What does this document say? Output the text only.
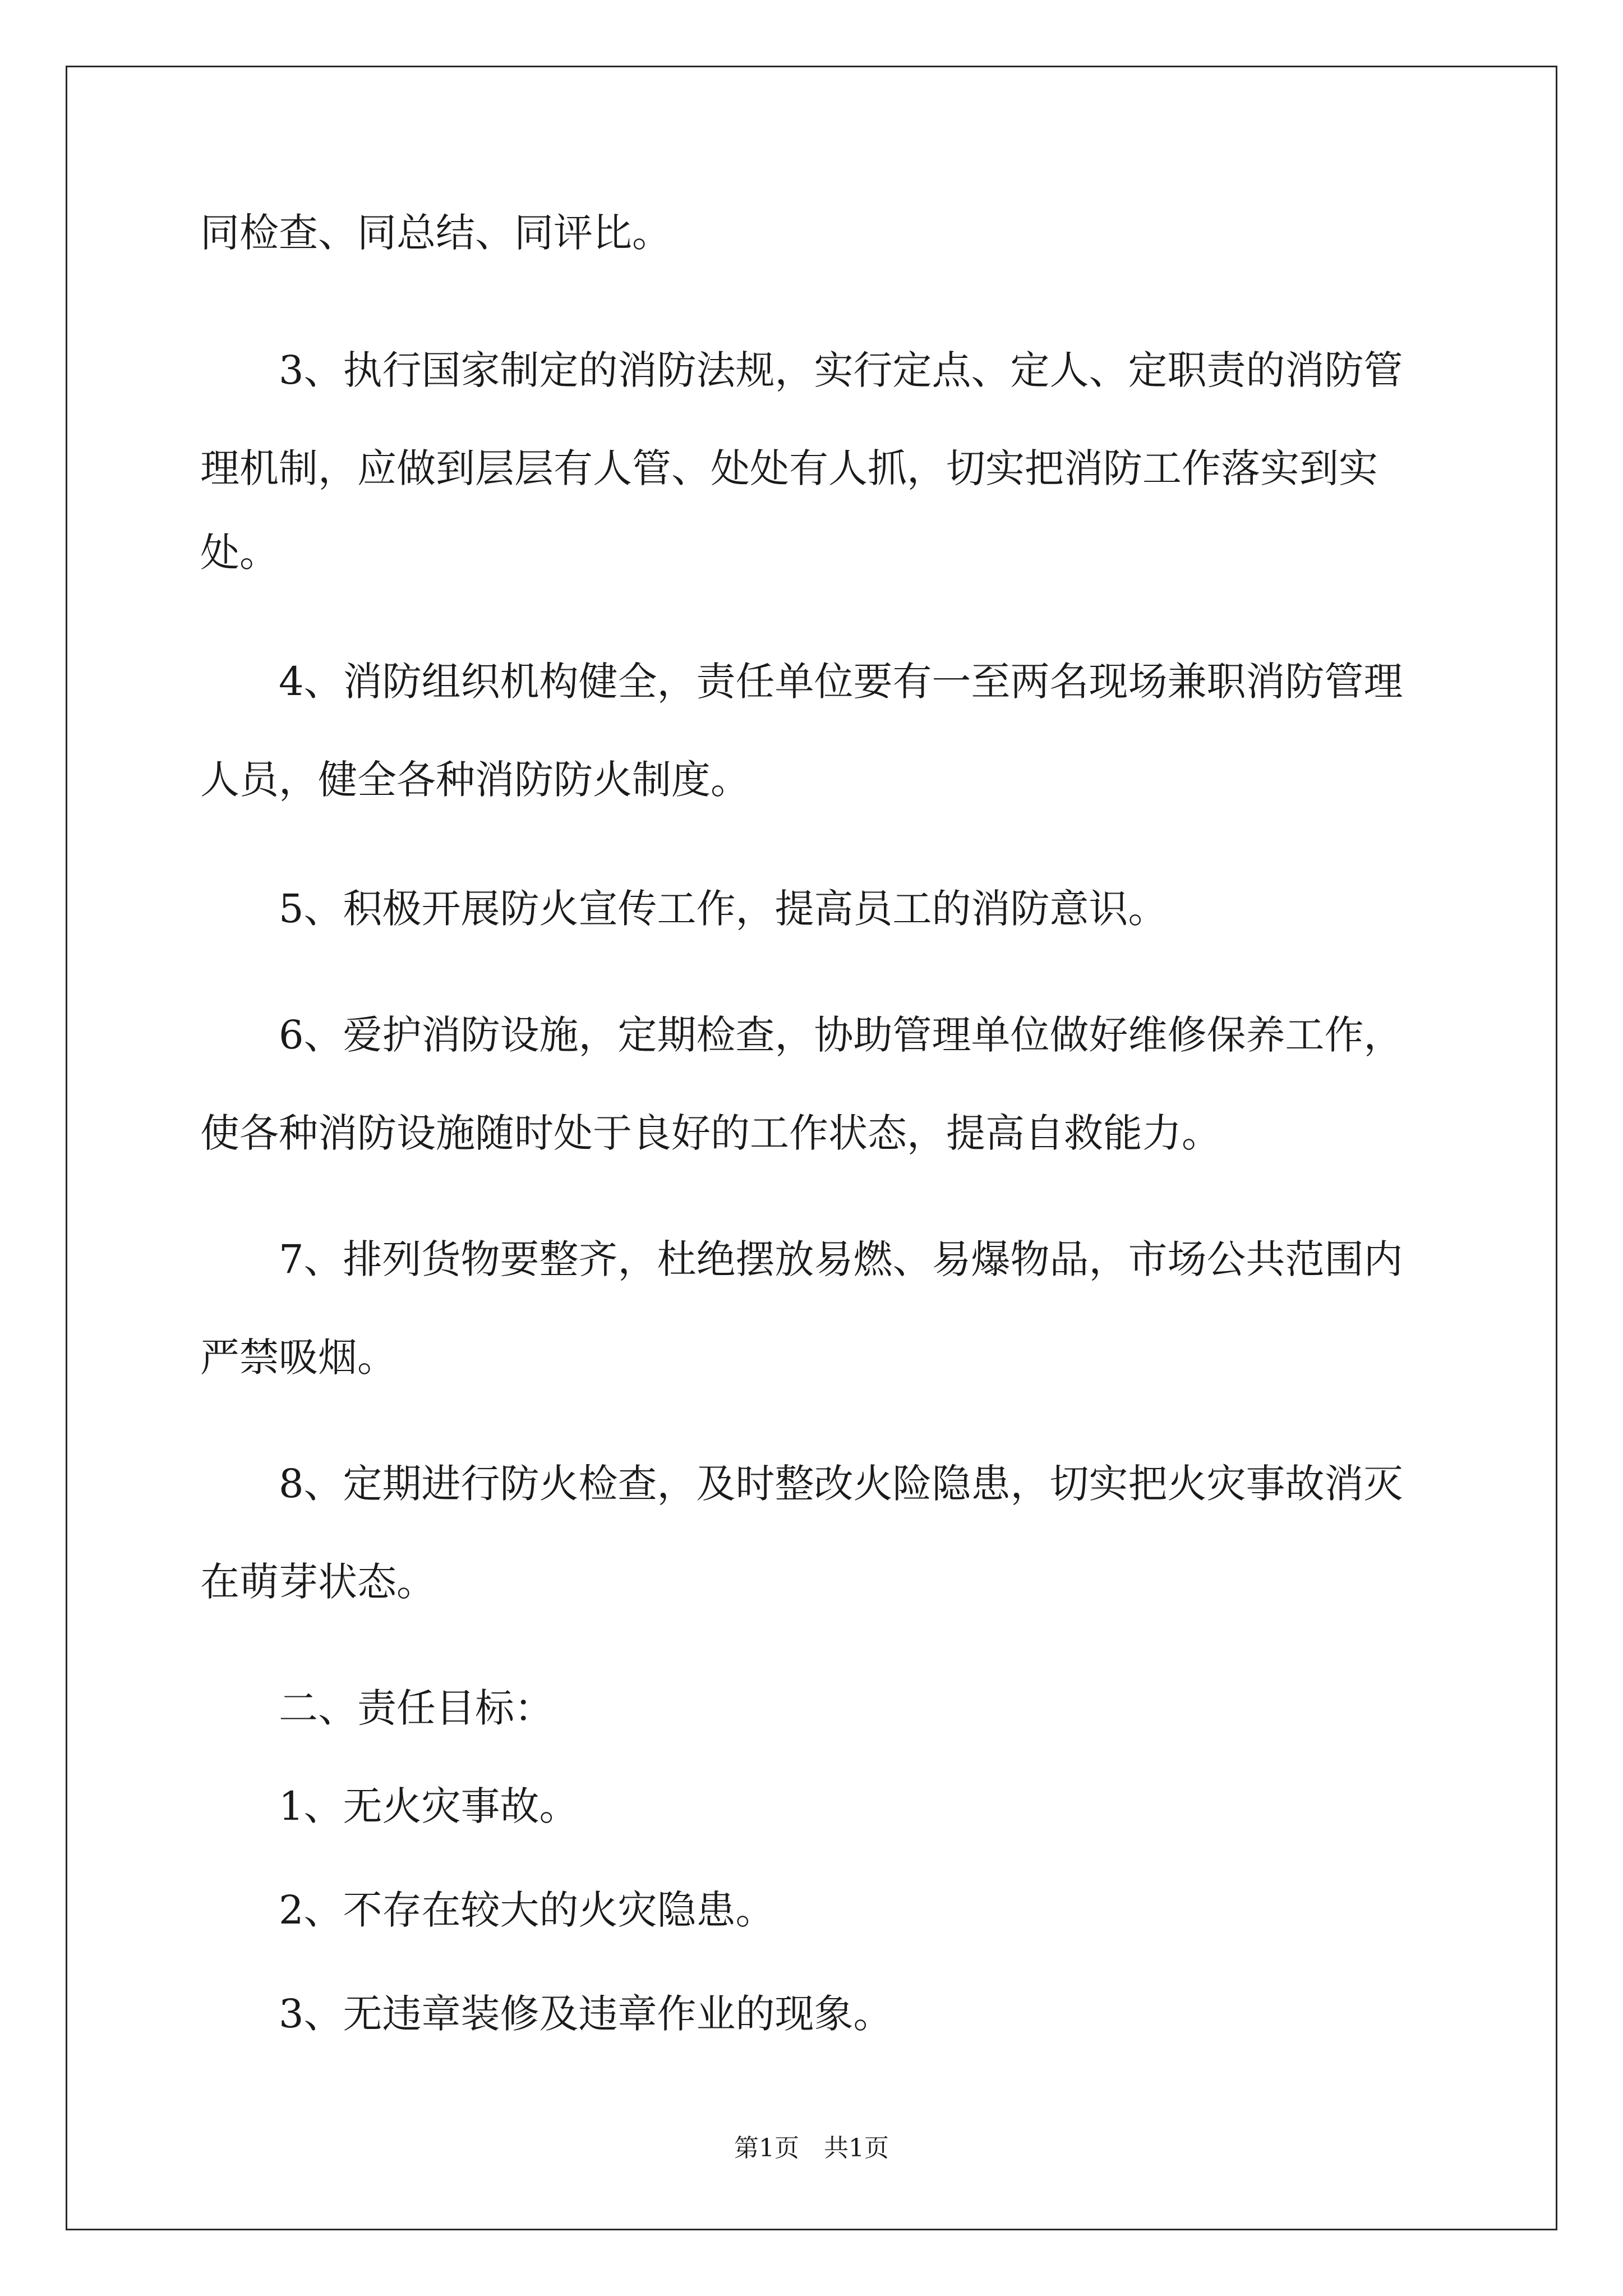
同检查、同总结、同评比。
3、执行国家制定的消防法规，实行定点、定人、定职责的消防管
理机制，应做到层层有人管、处处有人抓，切实把消防工作落实到实
处。
4、消防组织机构健全，责任单位要有一至两名现场兼职消防管理
人员，健全各种消防防火制度。
5、积极开展防火宣传工作，提高员工的消防意识。
6、爱护消防设施，定期检查，协助管理单位做好维修保养工作，
使各种消防设施随时处于良好的工作状态，提高自救能力。
7、排列货物要整齐，杜绝摆放易燃、易爆物品，市场公共范围内
严禁吸烟。
8、定期进行防火检查，及时整改火险隐患，切实把火灾事故消灭
在萌芽状态。
二、责任目标：
1、无火灾事故。
2、不存在较大的火灾隐患。
3、无违章装修及违章作业的现象。
第1页　共1页
